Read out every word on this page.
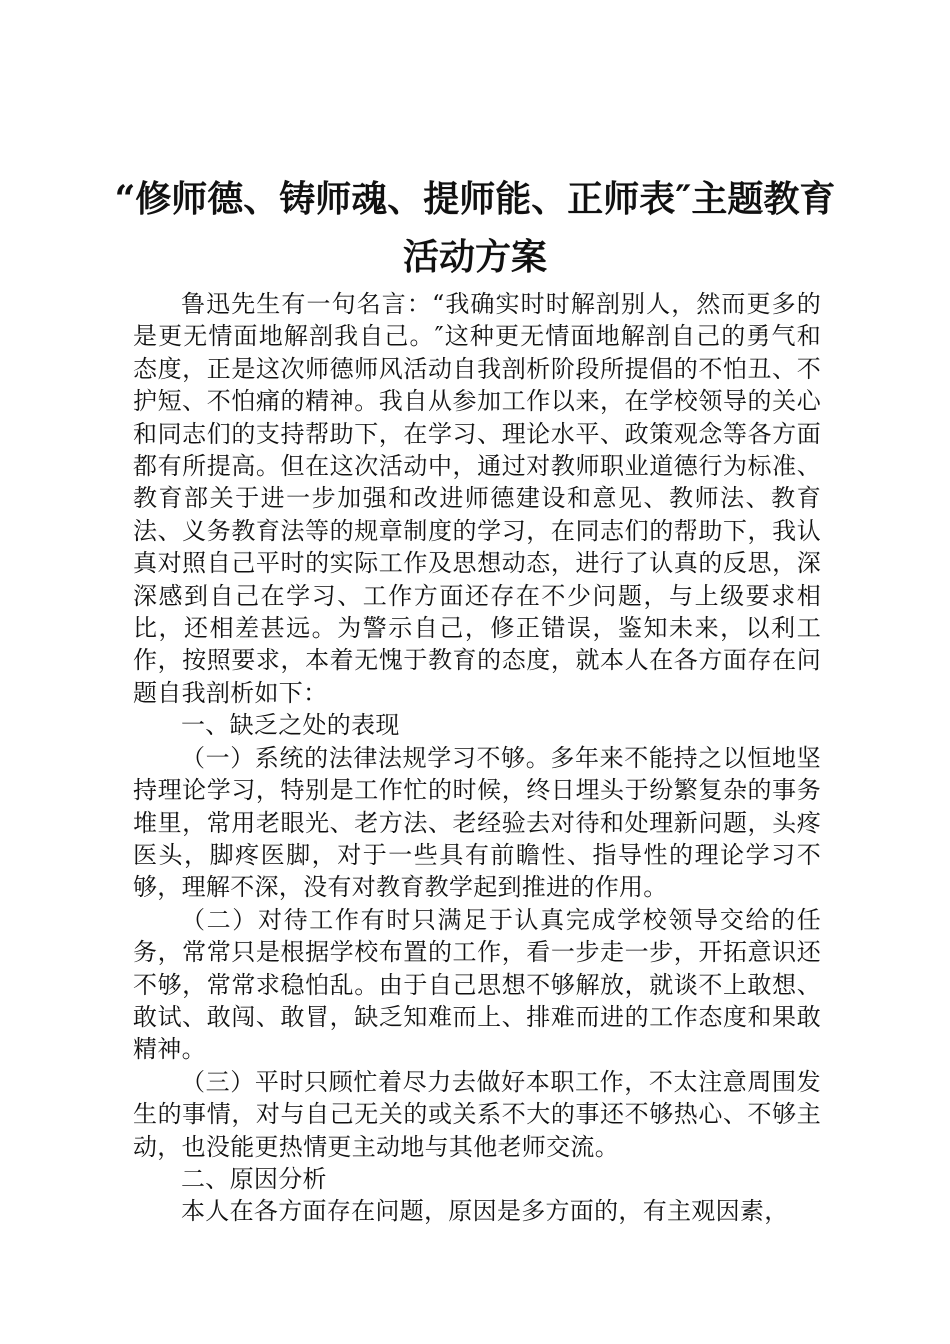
“修师德、铸师魂、提师能、正师表″主题教育活动方案

鲁迅先生有一句名言：“我确实时时解剖别人，然而更多的是更无情面地解剖我自己。″这种更无情面地解剖自己的勇气和态度，正是这次师德师风活动自我剖析阶段所提倡的不怕丑、不护短、不怕痛的精神。我自从参加工作以来，在学校领导的关心和同志们的支持帮助下，在学习、理论水平、政策观念等各方面都有所提高。但在这次活动中，通过对教师职业道德行为标准、教育部关于进一步加强和改进师德建设和意见、教师法、教育法、义务教育法等的规章制度的学习，在同志们的帮助下，我认真对照自己平时的实际工作及思想动态，进行了认真的反思，深深感到自己在学习、工作方面还存在不少问题，与上级要求相比，还相差甚远。为警示自己，修正错误，鉴知未来，以利工作，按照要求，本着无愧于教育的态度，就本人在各方面存在问题自我剖析如下：

一、缺乏之处的表现

（一）系统的法律法规学习不够。多年来不能持之以恒地坚持理论学习，特别是工作忙的时候，终日埋头于纷繁复杂的事务堆里，常用老眼光、老方法、老经验去对待和处理新问题，头疼医头，脚疼医脚，对于一些具有前瞻性、指导性的理论学习不够，理解不深，没有对教育教学起到推进的作用。

（二）对待工作有时只满足于认真完成学校领导交给的任务，常常只是根据学校布置的工作，看一步走一步，开拓意识还不够，常常求稳怕乱。由于自己思想不够解放，就谈不上敢想、敢试、敢闯、敢冒，缺乏知难而上、排难而进的工作态度和果敢精神。

（三）平时只顾忙着尽力去做好本职工作，不太注意周围发生的事情，对与自己无关的或关系不大的事还不够热心、不够主动，也没能更热情更主动地与其他老师交流。

二、原因分析

本人在各方面存在问题，原因是多方面的，有主观因素，
